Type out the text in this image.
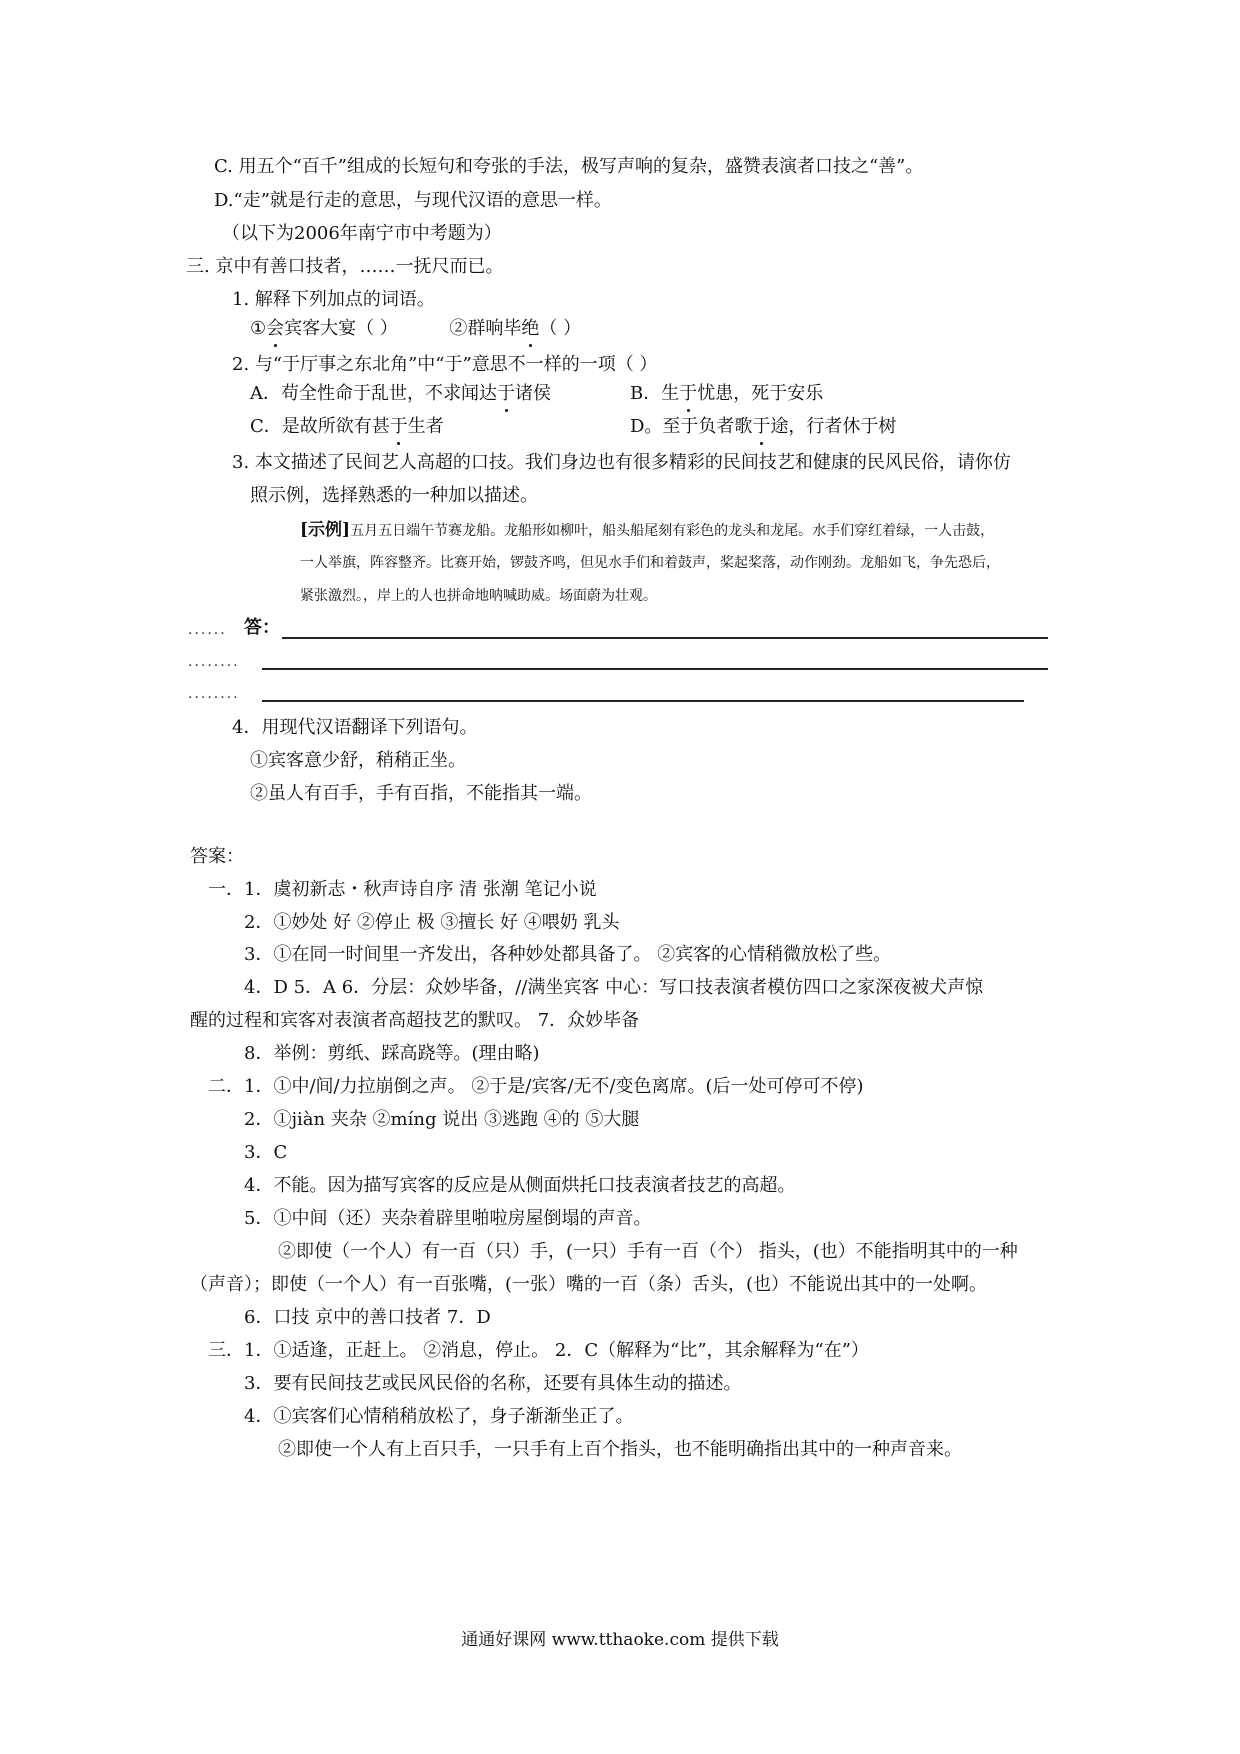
C. 用五个“百千”组成的长短句和夸张的手法，极写声响的复杂，盛赞表演者口技之“善”。
D.“走”就是行走的意思，与现代汉语的意思一样。
（以下为2006年南宁市中考题为）
三. 京中有善口技者，……一抚尺而已。
1. 解释下列加点的词语。
①会宾客大宴（ ）	②群响毕绝（ ）
2. 与“于厅事之东北角”中“于”意思不一样的一项（ ）
A．苟全性命于乱世，不求闻达于诸侯	B．生于忧患，死于安乐
C．是故所欲有甚于生者	D。至于负者歌于途，行者休于树
3. 本文描述了民间艺人高超的口技。我们身边也有很多精彩的民间技艺和健康的民风民俗，请你仿
照示例，选择熟悉的一种加以描述。
[示例]五月五日端午节赛龙船。龙船形如柳叶，船头船尾刻有彩色的龙头和龙尾。水手们穿红着绿，一人击鼓，
一人举旗，阵容整齐。比赛开始，锣鼓齐鸣，但见水手们和着鼓声，桨起桨落，动作刚劲。龙船如飞，争先恐后，
紧张激烈。，岸上的人也拼命地呐喊助威。场面蔚为壮观。
...... 答：
........
........
4．用现代汉语翻译下列语句。
①宾客意少舒，稍稍正坐。
②虽人有百手，手有百指，不能指其一端。
答案：
一．1．虞初新志・秋声诗自序 清 张潮 笔记小说
2．①妙处 好 ②停止 极 ③擅长 好 ④喂奶 乳头
3．①在同一时间里一齐发出，各种妙处都具备了。 ②宾客的心情稍微放松了些。
4．D 5．A 6．分层：众妙毕备，//满坐宾客 中心：写口技表演者模仿四口之家深夜被犬声惊
醒的过程和宾客对表演者高超技艺的默叹。 7．众妙毕备
8．举例：剪纸、踩高跷等。(理由略)
二．1．①中/间/力拉崩倒之声。 ②于是/宾客/无不/变色离席。(后一处可停可不停)
2．①jiàn 夹杂 ②míng 说出 ③逃跑 ④的 ⑤大腿
3．C
4．不能。因为描写宾客的反应是从侧面烘托口技表演者技艺的高超。
5．①中间（还）夹杂着辟里啪啦房屋倒塌的声音。
②即使（一个人）有一百（只）手，(一只）手有一百（个） 指头，(也）不能指明其中的一种
（声音）；即使（一个人）有一百张嘴，(一张）嘴的一百（条）舌头，(也）不能说出其中的一处啊。
6．口技 京中的善口技者 7．D
三．1．①适逢，正赶上。 ②消息，停止。 2．C（解释为“比”，其余解释为“在”）
3．要有民间技艺或民风民俗的名称，还要有具体生动的描述。
4．①宾客们心情稍稍放松了，身子渐渐坐正了。
②即使一个人有上百只手，一只手有上百个指头，也不能明确指出其中的一种声音来。
通通好课网 www.tthaoke.com 提供下载
